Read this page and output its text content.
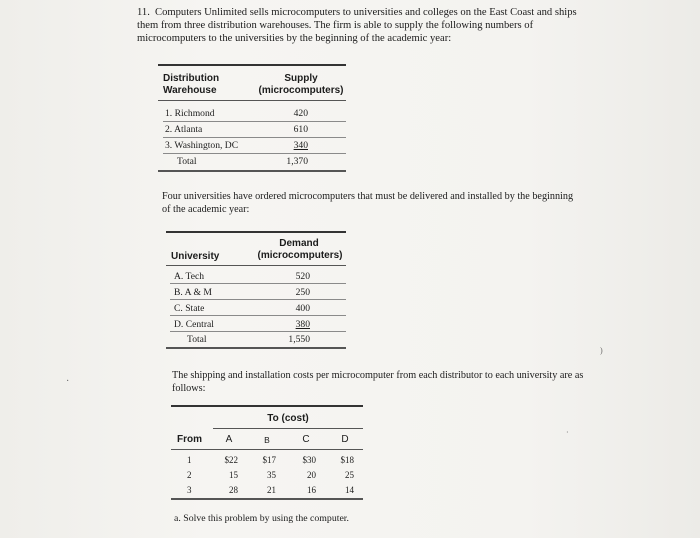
11. Computers Unlimited sells microcomputers to universities and colleges on the East Coast and ships them from three distribution warehouses. The firm is able to supply the following numbers of microcomputers to the universities by the beginning of the academic year:
Distribution
Warehouse
Supply
(microcomputers)
1. Richmond	420
2. Atlanta	610
3. Washington, DC	340
Total	1,370
Four universities have ordered microcomputers that must be delivered and installed by the beginning of the academic year:
Demand
University	(microcomputers)
A. Tech	520
B. A & M	250
C. State	400
D. Central	380
Total	1,550
The shipping and installation costs per microcomputer from each distributor to each university are as follows:
To (cost)
From A	B	C	D
1	$22	$17	$30	$18
2	15	35	20	25
3	28	21	16	14
a. Solve this problem by using the computer.
·
)
·
